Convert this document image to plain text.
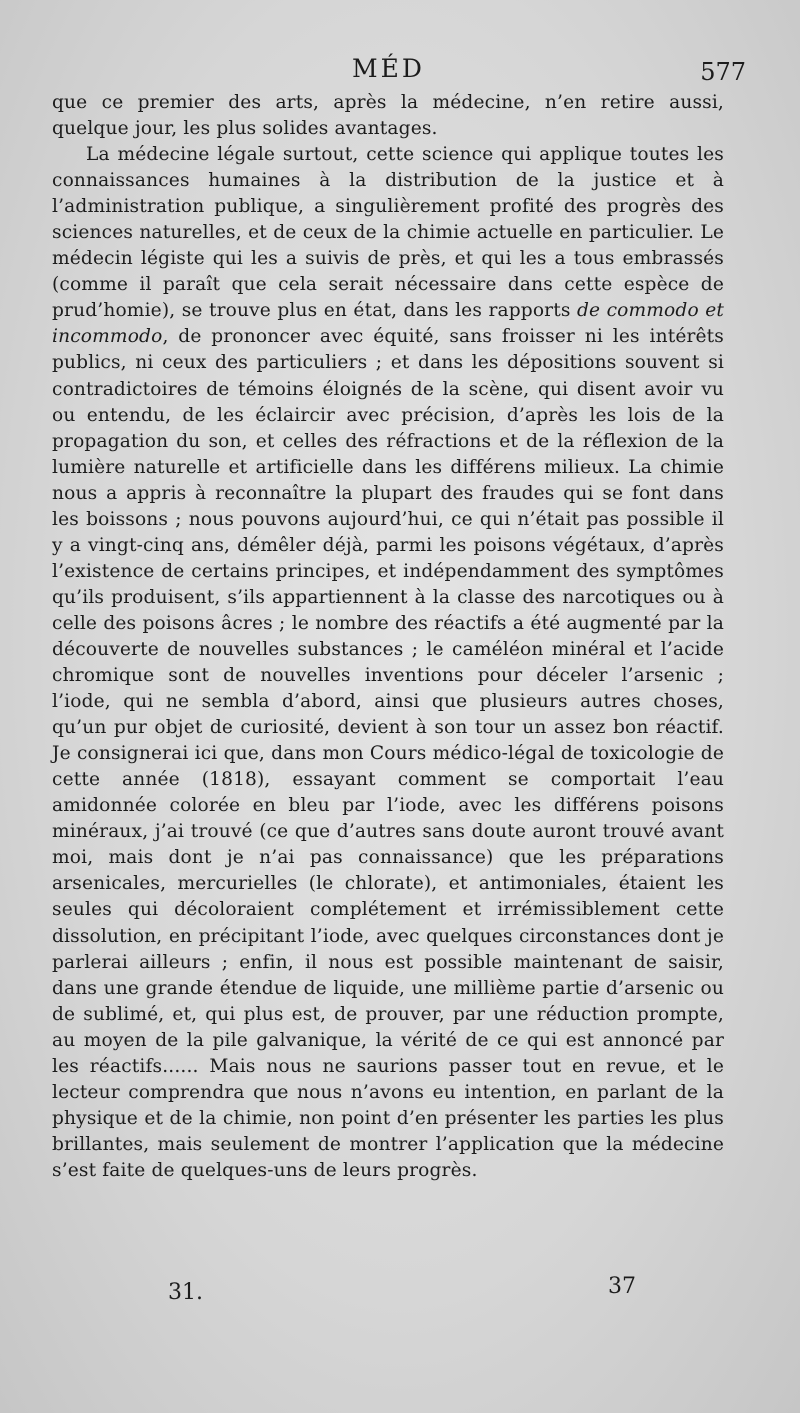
MÉD	577

que ce premier des arts, après la médecine, n’en retire aussi, quelque jour, les plus solides avantages.

La médecine légale surtout, cette science qui applique toutes les connaissances humaines à la distribution de la justice et à l’administration publique, a singulièrement profité des progrès des sciences naturelles, et de ceux de la chimie actuelle en particulier. Le médecin légiste qui les a suivis de près, et qui les a tous embrassés (comme il paraît que cela serait nécessaire dans cette espèce de prud’homie), se trouve plus en état, dans les rapports de commodo et incommodo, de prononcer avec équité, sans froisser ni les intérêts publics, ni ceux des particuliers ; et dans les dépositions souvent si contradictoires de témoins éloignés de la scène, qui disent avoir vu ou entendu, de les éclaircir avec précision, d’après les lois de la propagation du son, et celles des réfractions et de la réflexion de la lumière naturelle et artificielle dans les différens milieux. La chimie nous a appris à reconnaître la plupart des fraudes qui se font dans les boissons ; nous pouvons aujourd’hui, ce qui n’était pas possible il y a vingt-cinq ans, démêler déjà, parmi les poisons végétaux, d’après l’existence de certains principes, et indépendamment des symptômes qu’ils produisent, s’ils appartiennent à la classe des narcotiques ou à celle des poisons âcres ; le nombre des réactifs a été augmenté par la découverte de nouvelles substances ; le caméléon minéral et l’acide chromique sont de nouvelles inventions pour déceler l’arsenic ; l’iode, qui ne sembla d’abord, ainsi que plusieurs autres choses, qu’un pur objet de curiosité, devient à son tour un assez bon réactif. Je consignerai ici que, dans mon Cours médico-légal de toxicologie de cette année (1818), essayant comment se comportait l’eau amidonnée colorée en bleu par l’iode, avec les différens poisons minéraux, j’ai trouvé (ce que d’autres sans doute auront trouvé avant moi, mais dont je n’ai pas connaissance) que les préparations arsenicales, mercurielles (le chlorate), et antimoniales, étaient les seules qui décoloraient complétement et irrémissiblement cette dissolution, en précipitant l’iode, avec quelques circonstances dont je parlerai ailleurs ; enfin, il nous est possible maintenant de saisir, dans une grande étendue de liquide, une millième partie d’arsenic ou de sublimé, et, qui plus est, de prouver, par une réduction prompte, au moyen de la pile galvanique, la vérité de ce qui est annoncé par les réactifs...... Mais nous ne saurions passer tout en revue, et le lecteur comprendra que nous n’avons eu intention, en parlant de la physique et de la chimie, non point d’en présenter les parties les plus brillantes, mais seulement de montrer l’application que la médecine s’est faite de quelques-uns de leurs progrès.

31.	37
